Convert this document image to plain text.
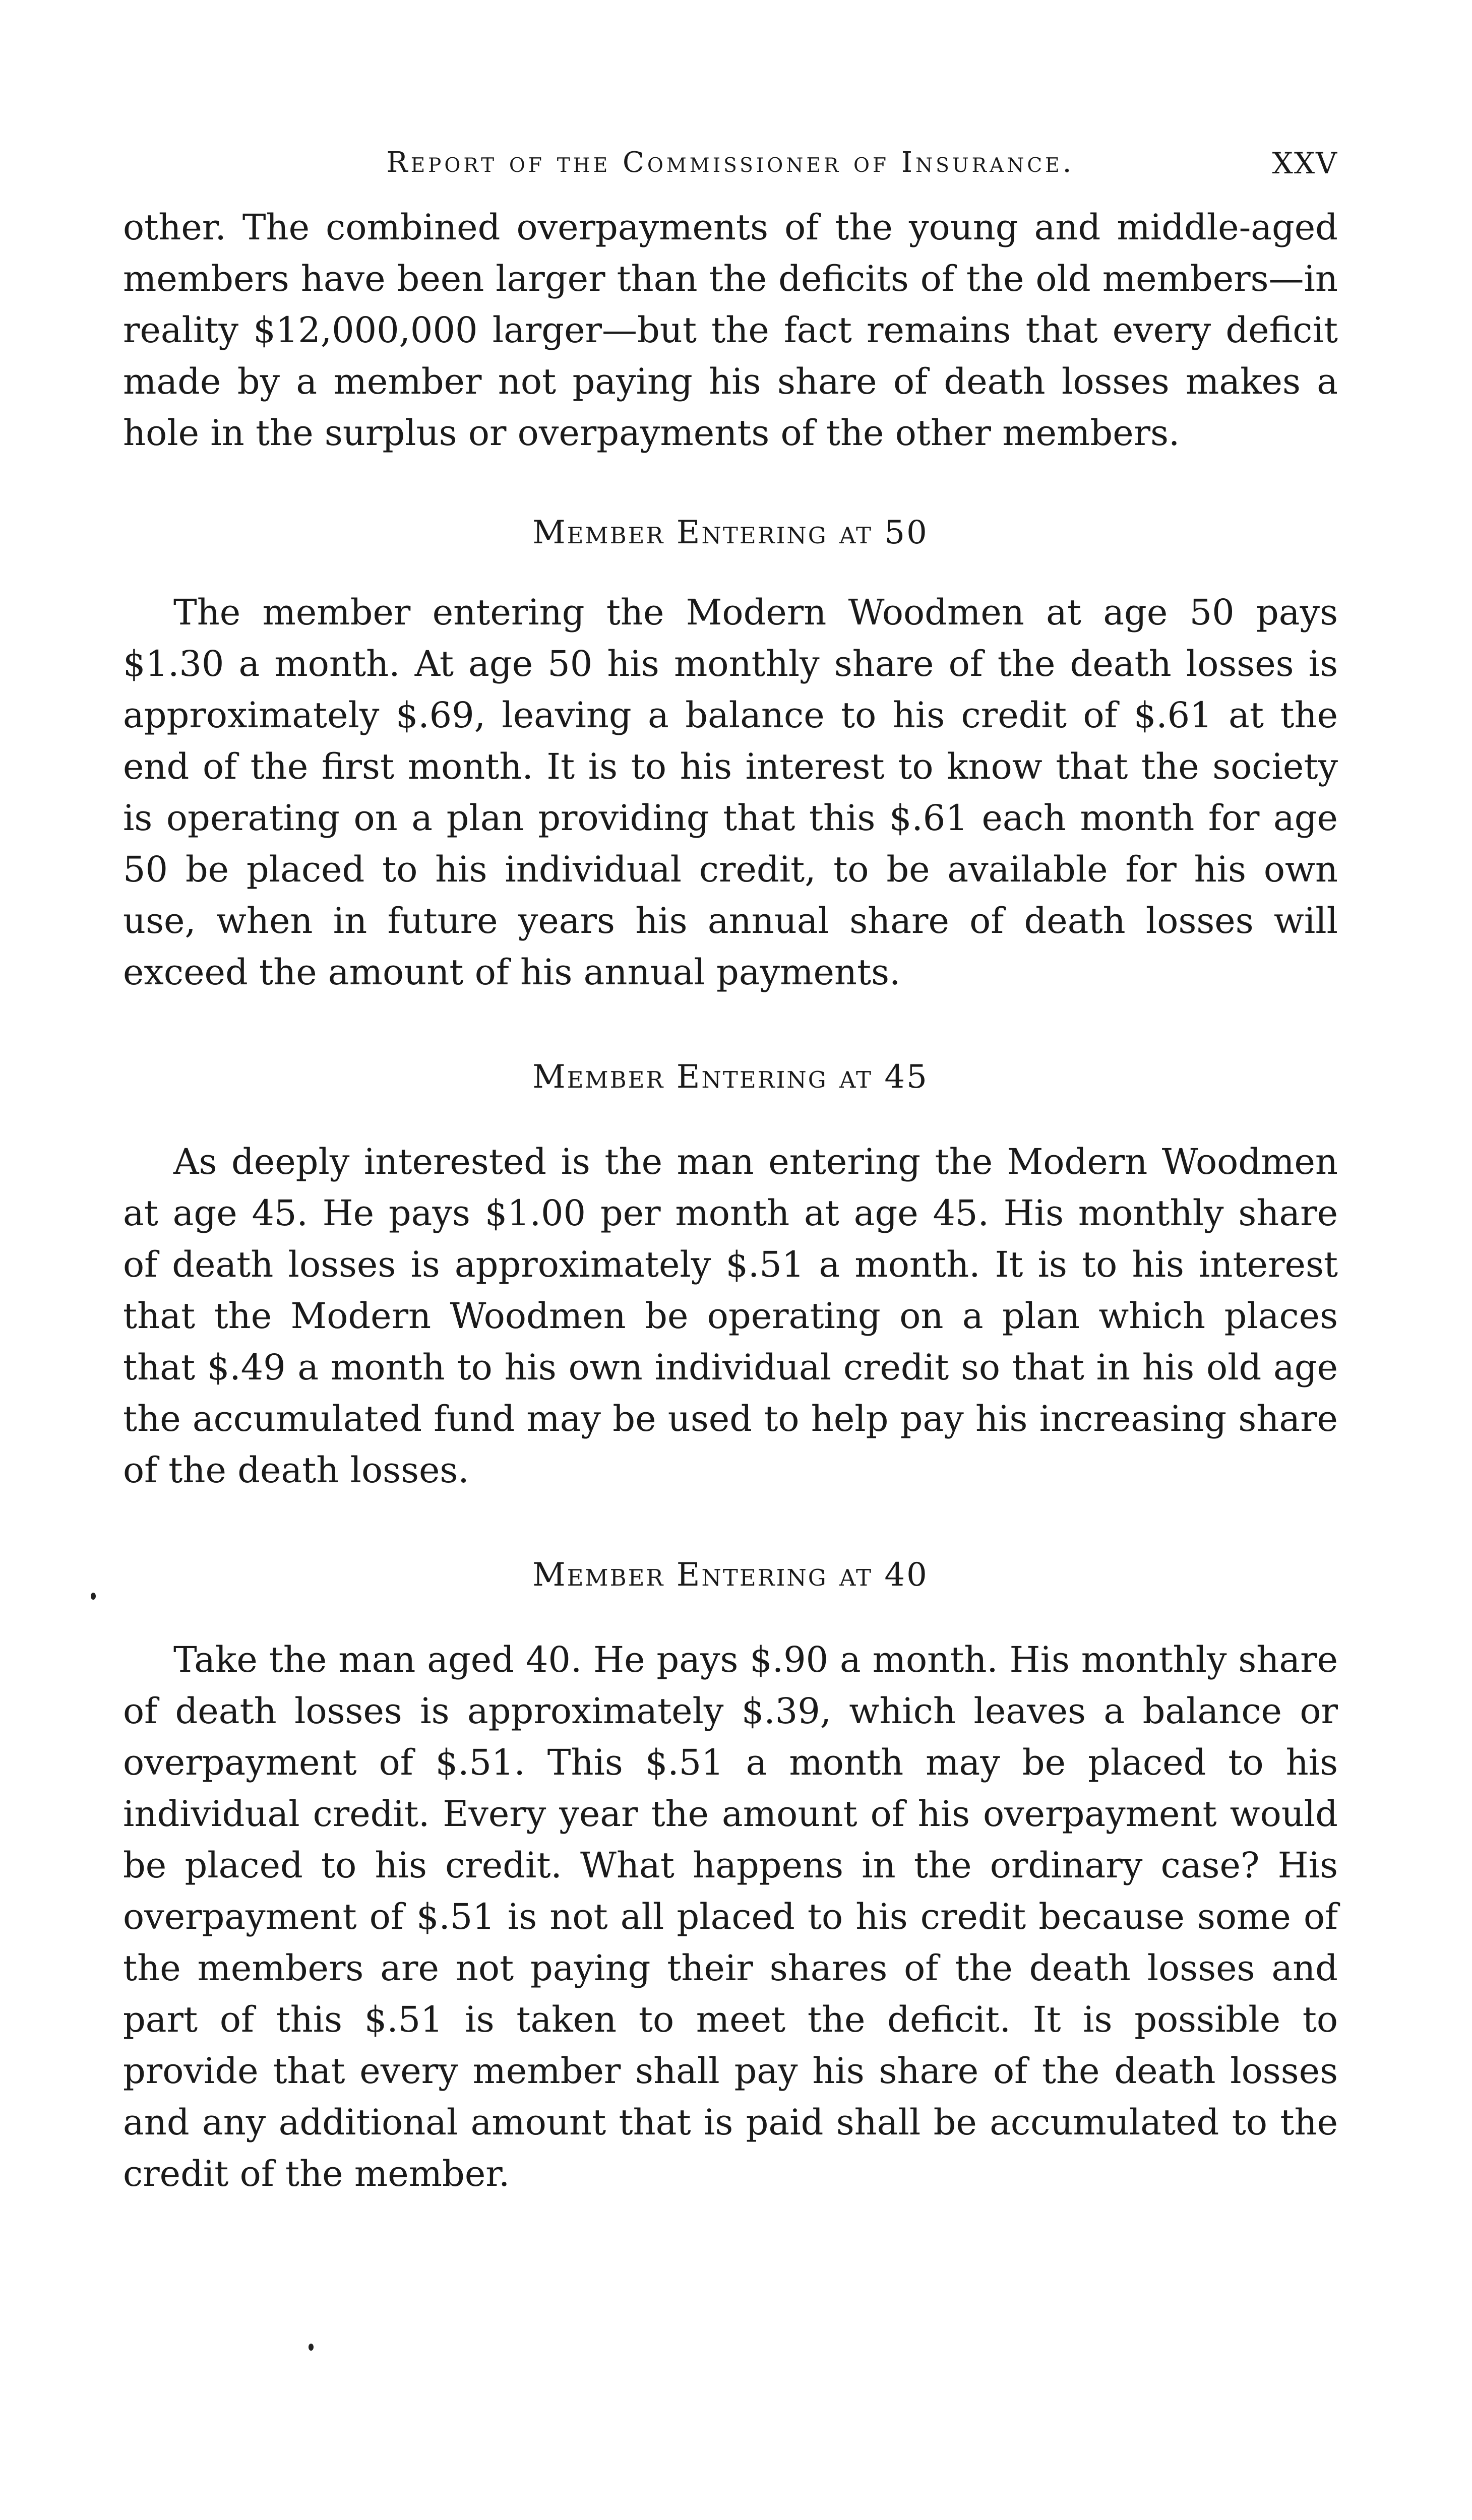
Report of the Commissioner of Insurance.	XXV

other. The combined overpayments of the young and middle-aged members have been larger than the deficits of the old members—in reality $12,000,000 larger—but the fact remains that every deficit made by a member not paying his share of death losses makes a hole in the surplus or overpayments of the other members.

Member Entering at 50

The member entering the Modern Woodmen at age 50 pays $1.30 a month. At age 50 his monthly share of the death losses is approximately $.69, leaving a balance to his credit of $.61 at the end of the first month. It is to his interest to know that the society is operating on a plan providing that this $.61 each month for age 50 be placed to his individual credit, to be available for his own use, when in future years his annual share of death losses will exceed the amount of his annual payments.

Member Entering at 45

As deeply interested is the man entering the Modern Woodmen at age 45. He pays $1.00 per month at age 45. His monthly share of death losses is approximately $.51 a month. It is to his interest that the Modern Woodmen be operating on a plan which places that $.49 a month to his own individual credit so that in his old age the accumulated fund may be used to help pay his increasing share of the death losses.

Member Entering at 40

Take the man aged 40. He pays $.90 a month. His monthly share of death losses is approximately $.39, which leaves a balance or overpayment of $.51. This $.51 a month may be placed to his individual credit. Every year the amount of his overpayment would be placed to his credit. What happens in the ordinary case? His overpayment of $.51 is not all placed to his credit because some of the members are not paying their shares of the death losses and part of this $.51 is taken to meet the deficit. It is possible to provide that every member shall pay his share of the death losses and any additional amount that is paid shall be accumulated to the credit of the member.
